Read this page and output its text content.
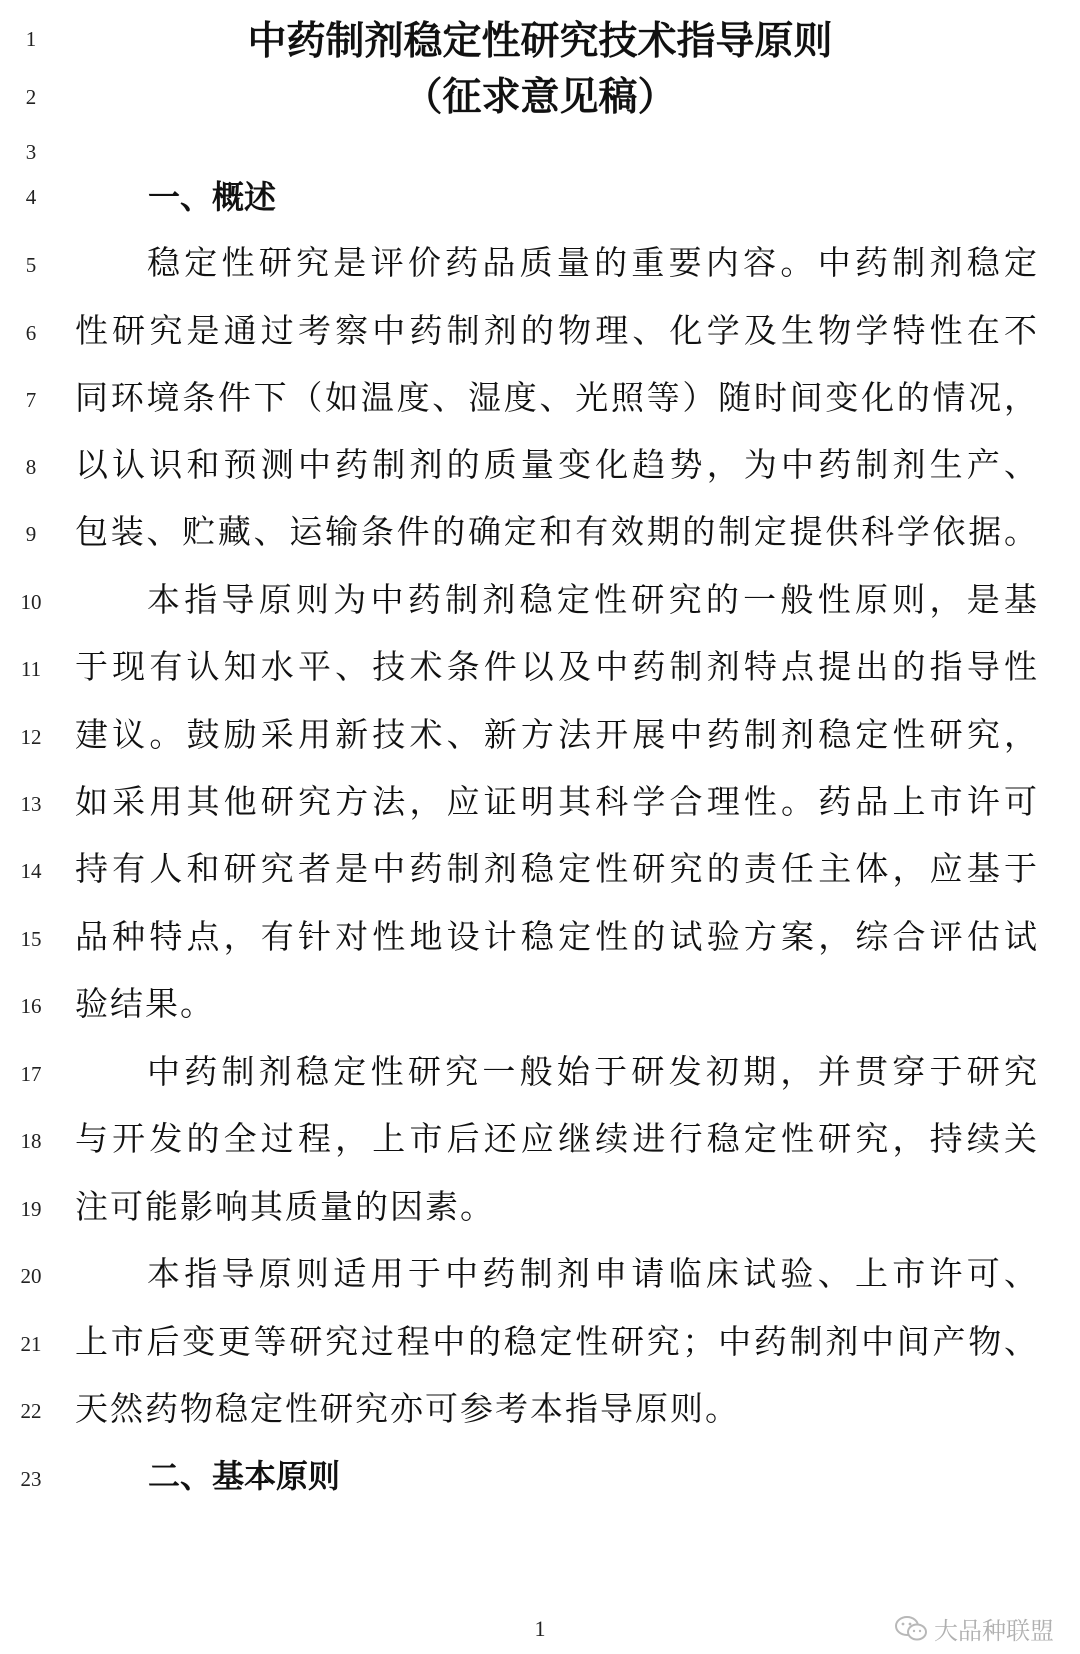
1
2
3
4
5
6
7
8
9
10
11
12
13
14
15
16
17
18
19
20
21
22
23
中药制剂稳定性研究技术指导原则
（征求意见稿）
一、概述
稳定性研究是评价药品质量的重要内容。中药制剂稳定
性研究是通过考察中药制剂的物理、化学及生物学特性在不
同环境条件下（如温度、湿度、光照等）随时间变化的情况，
以认识和预测中药制剂的质量变化趋势，为中药制剂生产、
包装、贮藏、运输条件的确定和有效期的制定提供科学依据。
本指导原则为中药制剂稳定性研究的一般性原则，是基
于现有认知水平、技术条件以及中药制剂特点提出的指导性
建议。鼓励采用新技术、新方法开展中药制剂稳定性研究，
如采用其他研究方法，应证明其科学合理性。药品上市许可
持有人和研究者是中药制剂稳定性研究的责任主体，应基于
品种特点，有针对性地设计稳定性的试验方案，综合评估试
验结果。
中药制剂稳定性研究一般始于研发初期，并贯穿于研究
与开发的全过程，上市后还应继续进行稳定性研究，持续关
注可能影响其质量的因素。
本指导原则适用于中药制剂申请临床试验、上市许可、
上市后变更等研究过程中的稳定性研究；中药制剂中间产物、
天然药物稳定性研究亦可参考本指导原则。
二、基本原则
1	大品种联盟
